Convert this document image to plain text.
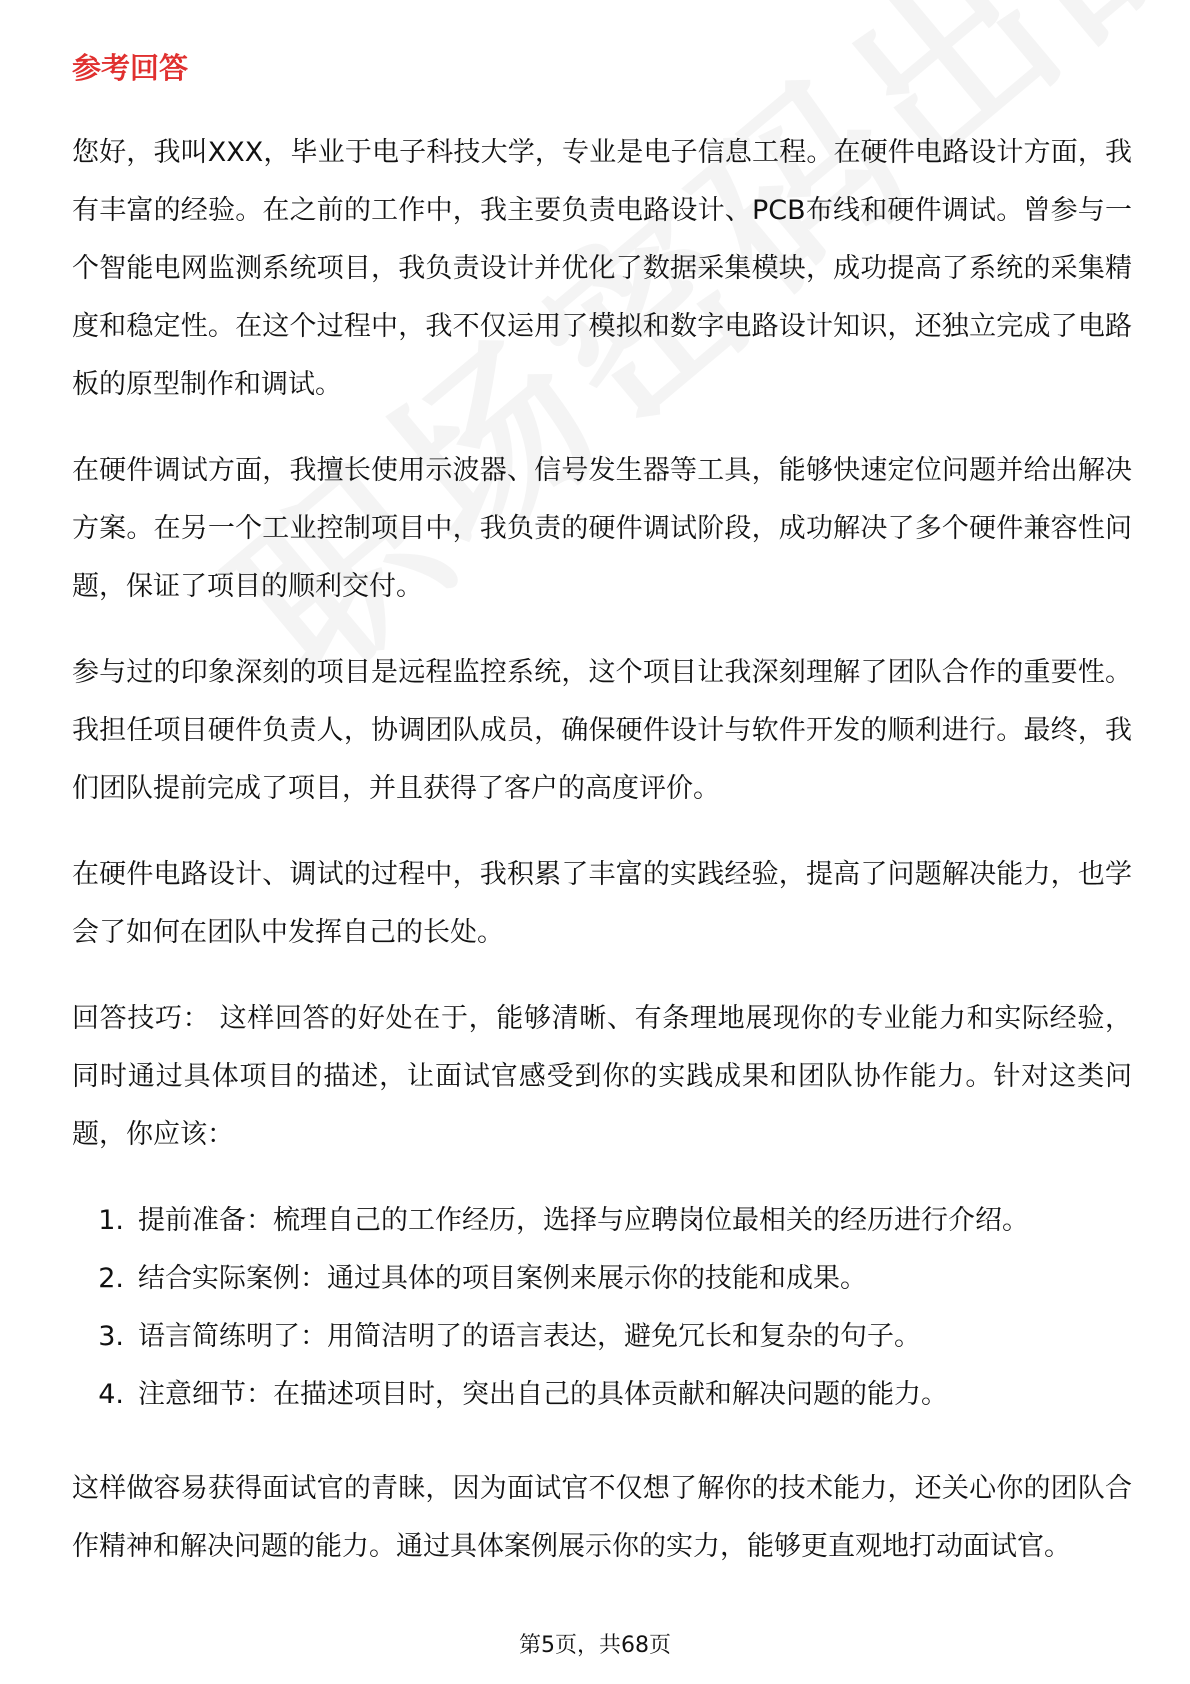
参考回答

您好，我叫XXX，毕业于电子科技大学，专业是电子信息工程。在硬件电路设计方面，我有丰富的经验。在之前的工作中，我主要负责电路设计、PCB布线和硬件调试。曾参与一个智能电网监测系统项目，我负责设计并优化了数据采集模块，成功提高了系统的采集精度和稳定性。在这个过程中，我不仅运用了模拟和数字电路设计知识，还独立完成了电路板的原型制作和调试。

在硬件调试方面，我擅长使用示波器、信号发生器等工具，能够快速定位问题并给出解决方案。在另一个工业控制项目中，我负责的硬件调试阶段，成功解决了多个硬件兼容性问题，保证了项目的顺利交付。

参与过的印象深刻的项目是远程监控系统，这个项目让我深刻理解了团队合作的重要性。我担任项目硬件负责人，协调团队成员，确保硬件设计与软件开发的顺利进行。最终，我们团队提前完成了项目，并且获得了客户的高度评价。

在硬件电路设计、调试的过程中，我积累了丰富的实践经验，提高了问题解决能力，也学会了如何在团队中发挥自己的长处。

回答技巧： 这样回答的好处在于，能够清晰、有条理地展现你的专业能力和实际经验，同时通过具体项目的描述，让面试官感受到你的实践成果和团队协作能力。针对这类问题，你应该：

1. 提前准备：梳理自己的工作经历，选择与应聘岗位最相关的经历进行介绍。
2. 结合实际案例：通过具体的项目案例来展示你的技能和成果。
3. 语言简练明了：用简洁明了的语言表达，避免冗长和复杂的句子。
4. 注意细节：在描述项目时，突出自己的具体贡献和解决问题的能力。

这样做容易获得面试官的青睐，因为面试官不仅想了解你的技术能力，还关心你的团队合作精神和解决问题的能力。通过具体案例展示你的实力，能够更直观地打动面试官。

第5页，共68页
